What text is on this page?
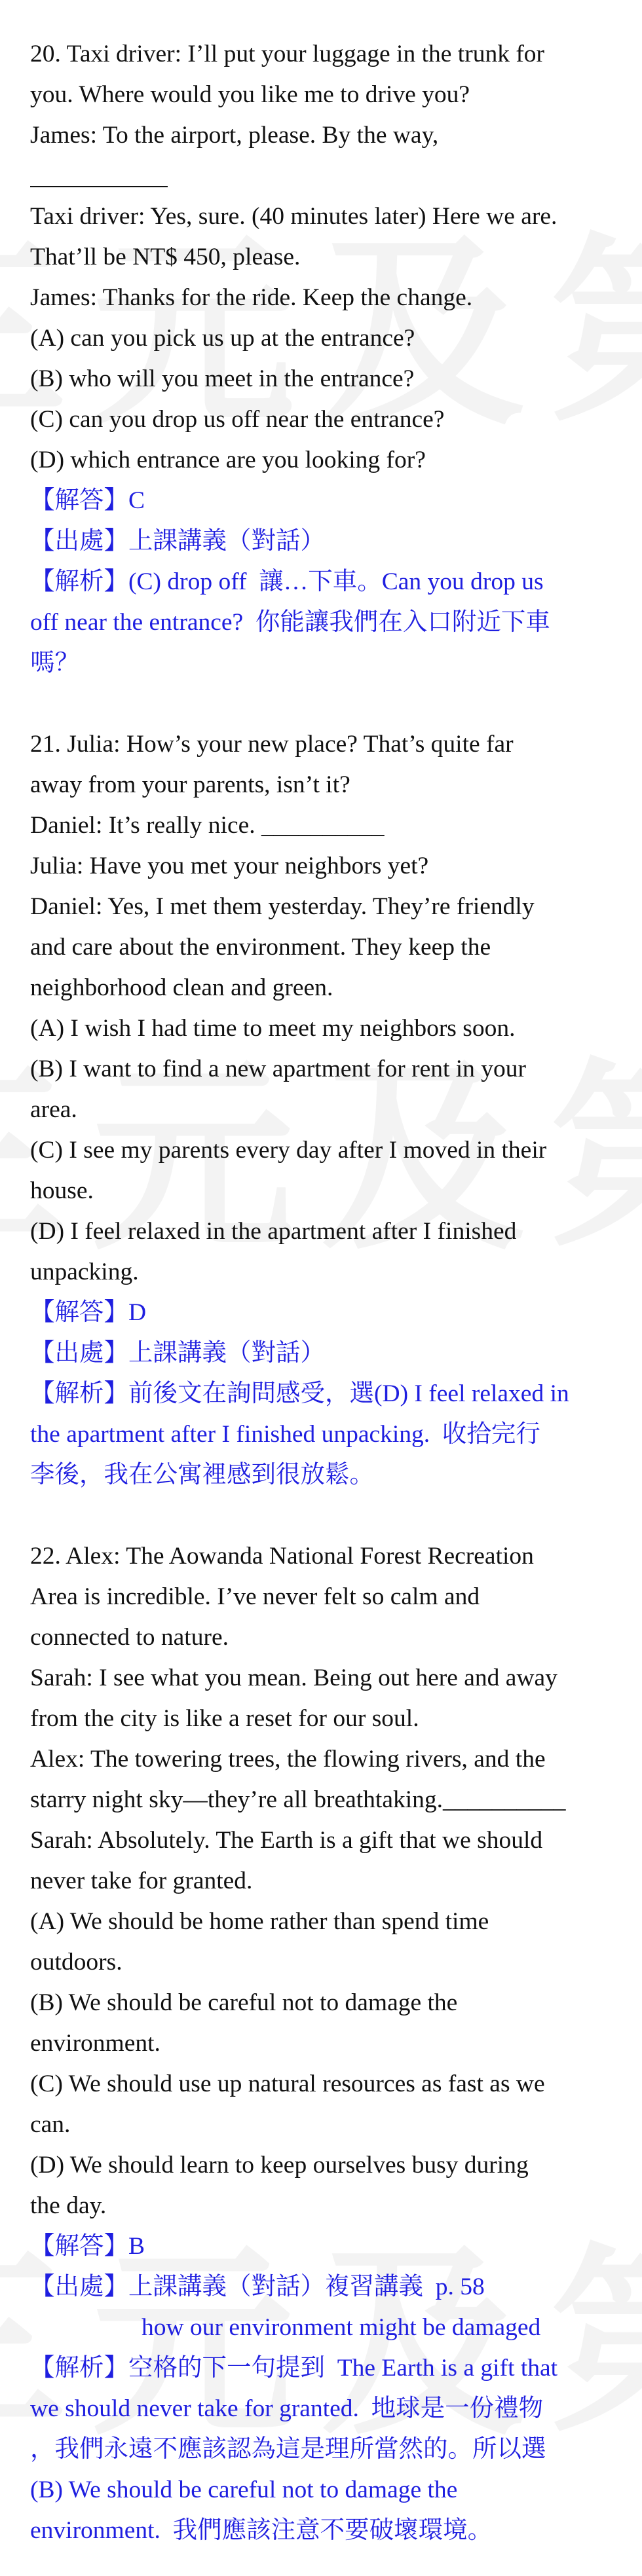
20. Taxi driver: I’ll put your luggage in the trunk for

you. Where would you like me to drive you?

James: To the airport, please. By the way,

Taxi driver: Yes, sure. (40 minutes later) Here we are.

That’ll be NT$ 450, please.

James: Thanks for the ride. Keep the change.

(A) can you pick us up at the entrance?

(B) who will you meet in the entrance?

(C) can you drop us off near the entrance?

(D) which entrance are you looking for?

【解答】C

【出處】上課講義（對話）

【解析】(C) drop off  讓…下車。Can you drop us

off near the entrance?  你能讓我們在入口附近下車

嗎？

21. Julia: How’s your new place? That’s quite far

away from your parents, isn’t it?

Daniel: It’s really nice. __________

Julia: Have you met your neighbors yet?

Daniel: Yes, I met them yesterday. They’re friendly

and care about the environment. They keep the

neighborhood clean and green.

(A) I wish I had time to meet my neighbors soon.

(B) I want to find a new apartment for rent in your

area.

(C) I see my parents every day after I moved in their

house.

(D) I feel relaxed in the apartment after I finished

unpacking.

【解答】D

【出處】上課講義（對話）

【解析】前後文在詢問感受，選(D) I feel relaxed in

the apartment after I finished unpacking.  收拾完行

李後，我在公寓裡感到很放鬆。

22. Alex: The Aowanda National Forest Recreation

Area is incredible. I’ve never felt so calm and

connected to nature.

Sarah: I see what you mean. Being out here and away

from the city is like a reset for our soul.

Alex: The towering trees, the flowing rivers, and the

starry night sky—they’re all breathtaking.__________

Sarah: Absolutely. The Earth is a gift that we should

never take for granted.

(A) We should be home rather than spend time

outdoors.

(B) We should be careful not to damage the

environment.

(C) We should use up natural resources as fast as we

can.

(D) We should learn to keep ourselves busy during

the day.

【解答】B

【出處】上課講義（對話）複習講義  p. 58

how our environment might be damaged

【解析】空格的下一句提到  The Earth is a gift that

we should never take for granted.  地球是一份禮物

，我們永遠不應該認為這是理所當然的。所以選

(B) We should be careful not to damage the

environment.  我們應該注意不要破壞環境。
